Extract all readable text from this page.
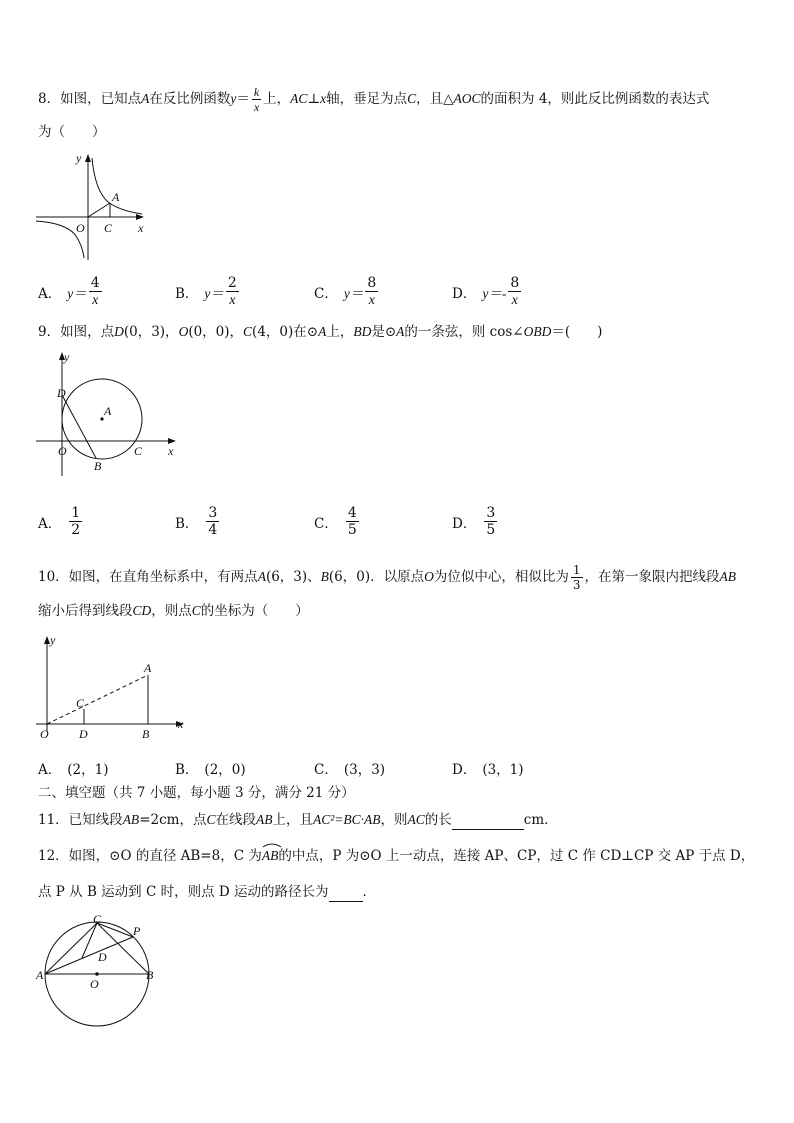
8．如图，已知点A在反比例函数$y= \frac{k}{x}$ 上，AC⊥x轴，垂足为点C，且△AOC的面积为 4，则此反比例函数的表达式
为（　　）
y
A
O C x
A． $y= \frac{4}{x}$	B． $y= \frac{2}{x}$	C． $y= \frac{8}{x}$	D． $y=- \frac{8}{x}$
9．如图，点D(0，3)，O(0，0)，C(4，0)在⊙A上，BD是⊙A的一条弦，则 cos∠OBD＝(　　)
y
D
A
O	C
B
x
A． $\frac{1}{2}$	B． $\frac{3}{4}$	C． $\frac{4}{5}$	D． $\frac{3}{5}$
10．如图，在直角坐标系中，有两点A(6，3)、B(6，0)．以原点O为位似中心，相似比为 $\frac{1}{3}$ ，在第一象限内把线段AB
缩小后得到线段CD，则点C的坐标为（　　）
y
A
C
O	D	B
x
A． (2，1)	B． (2，0)	C． (3，3)	D． (3，1)
二、填空题（共 7 小题，每小题 3 分，满分 21 分）
11．已知线段AB=2cm，点C在线段AB上，且AC²=BC·AB，则AC的长	cm．
12．如图，⊙O 的直径 AB=8，C 为
AB的中点，P 为⊙O 上一动点，连接 AP、CP，过 C 作 CD⊥CP 交 AP 于点 D，
点 P 从 B 运动到 C 时，则点 D 运动的路径长为	．
C
P
D
A
O
B
